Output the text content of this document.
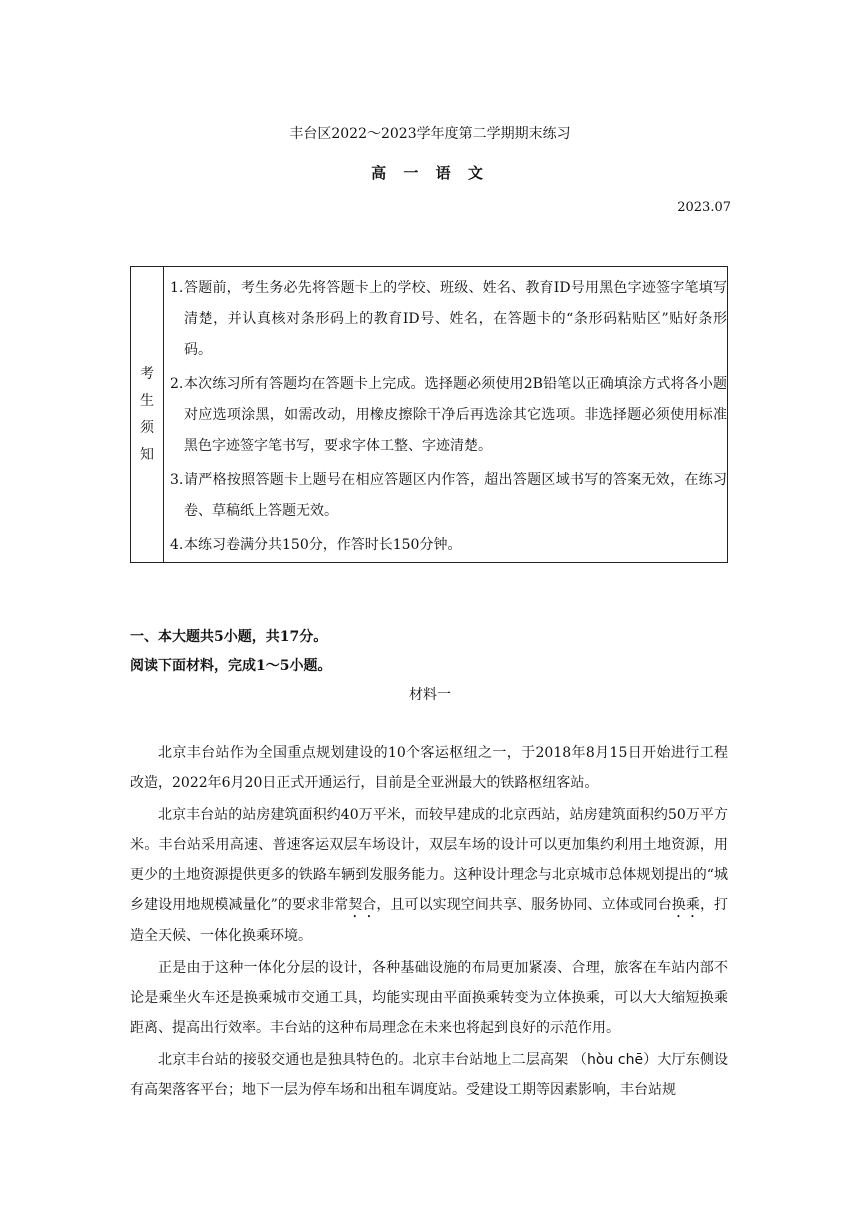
丰台区2022～2023学年度第二学期期末练习
高 一 语 文
2023.07
考
生
须
知
1. 答题前，考生务必先将答题卡上的学校、班级、姓名、教育ID号用黑色字迹签字笔填写清楚，并认真核对条形码上的教育ID号、姓名，在答题卡的“条形码粘贴区”贴好条形码。
2. 本次练习所有答题均在答题卡上完成。选择题必须使用2B铅笔以正确填涂方式将各小题对应选项涂黑，如需改动，用橡皮擦除干净后再选涂其它选项。非选择题必须使用标准黑色字迹签字笔书写，要求字体工整、字迹清楚。
3. 请严格按照答题卡上题号在相应答题区内作答，超出答题区域书写的答案无效，在练习卷、草稿纸上答题无效。
4. 本练习卷满分共150分，作答时长150分钟。
一、本大题共5小题，共17分。
阅读下面材料，完成1～5小题。
材料一

北京丰台站作为全国重点规划建设的10个客运枢纽之一，于2018年8月15日开始进行工程改造，2022年6月20日正式开通运行，目前是全亚洲最大的铁路枢纽客站。

北京丰台站的站房建筑面积约40万平米，而较早建成的北京西站，站房建筑面积约50万平方米。丰台站采用高速、普速客运双层车场设计，双层车场的设计可以更加集约利用土地资源，用更少的土地资源提供更多的铁路车辆到发服务能力。这种设计理念与北京城市总体规划提出的“城乡建设用地规模减量化”的要求非常契合，且可以实现空间共享、服务协同、立体或同台换乘，打造全天候、一体化换乘环境。

正是由于这种一体化分层的设计，各种基础设施的布局更加紧凑、合理，旅客在车站内部不论是乘坐火车还是换乘城市交通工具，均能实现由平面换乘转变为立体换乘，可以大大缩短换乘距离、提高出行效率。丰台站的这种布局理念在未来也将起到良好的示范作用。

北京丰台站的接驳交通也是独具特色的。北京丰台站地上二层高架 （hòu chē）大厅东侧设有高架落客平台；地下一层为停车场和出租车调度站。受建设工期等因素影响，丰台站规
